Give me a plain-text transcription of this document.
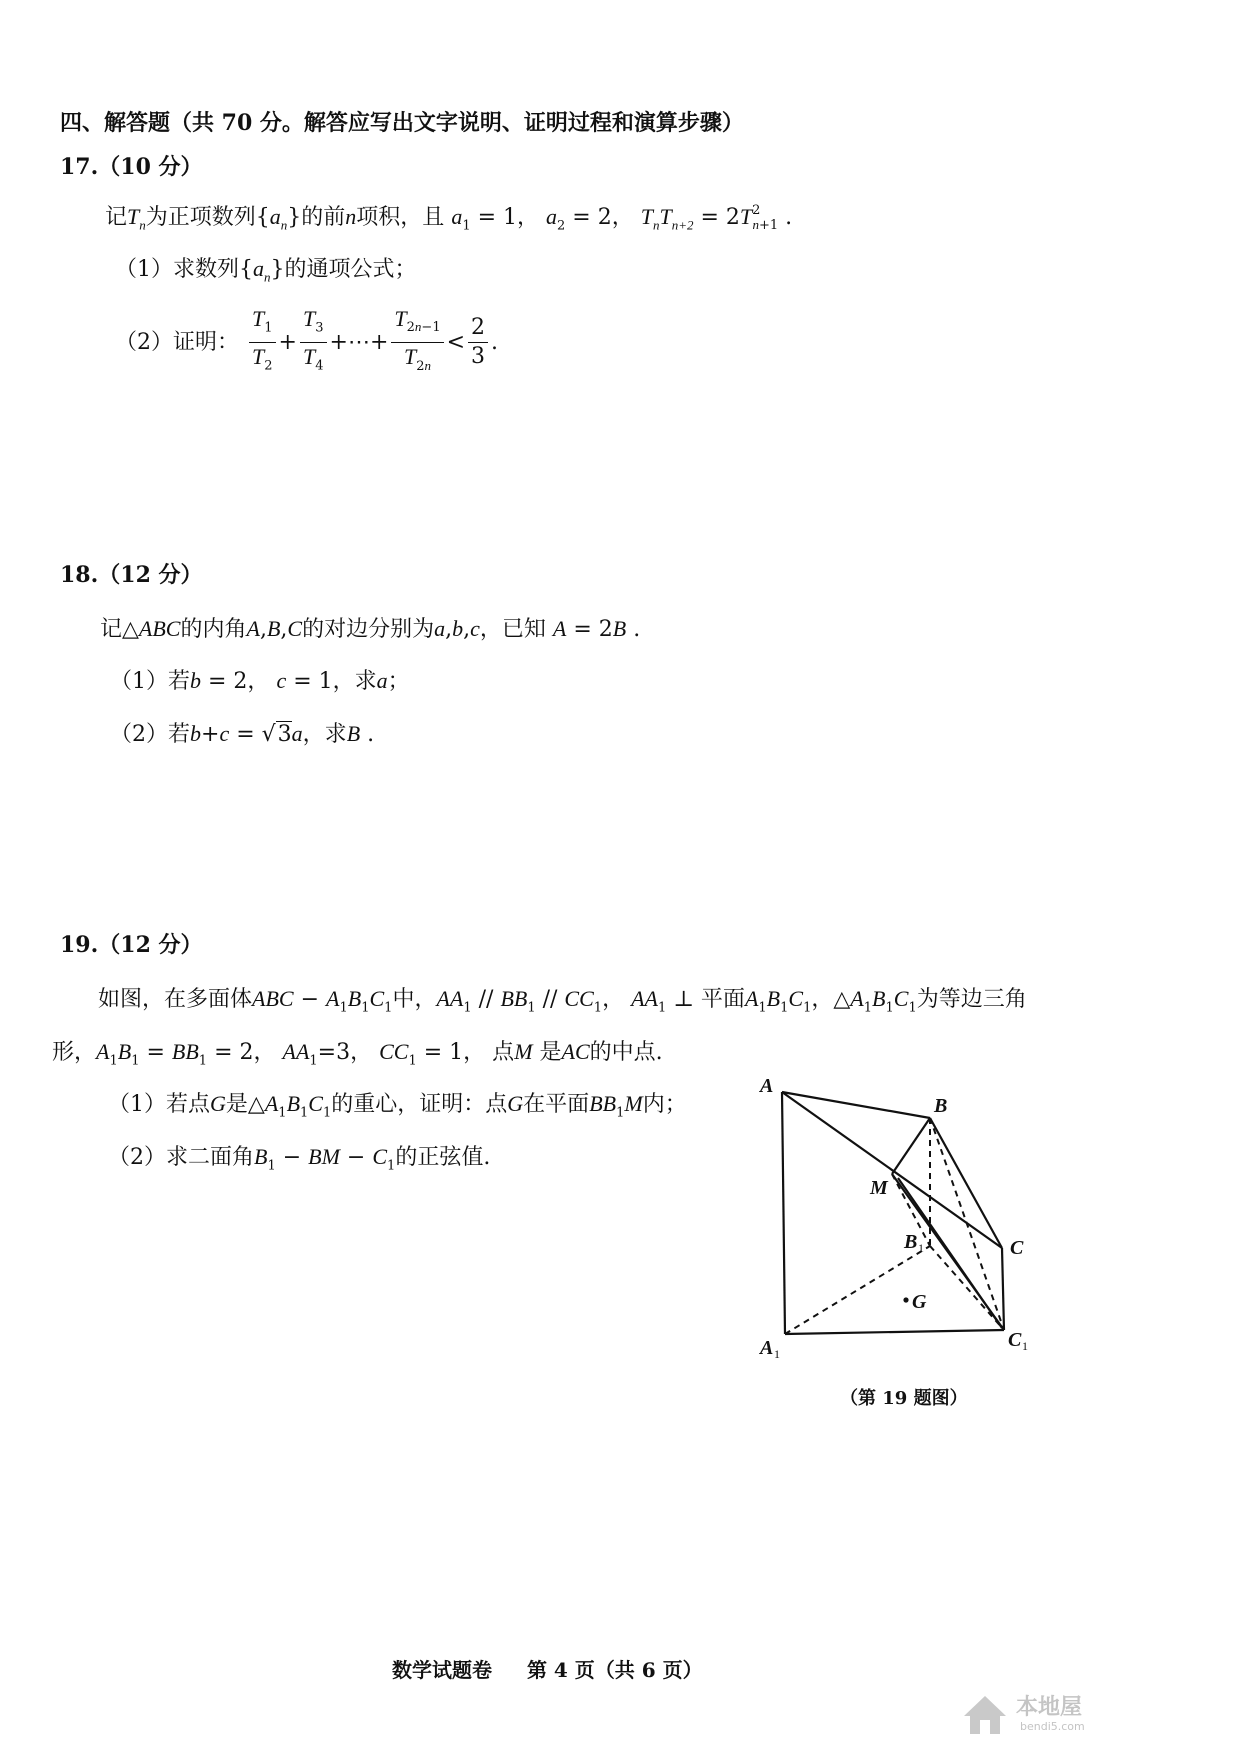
四、解答题（共 70 分。解答应写出文字说明、证明过程和演算步骤）
17.（10 分）
记$T_n$为正项数列$\{a_n\}$的前n项积，且 $a_1 = 1$， $a_2 = 2$， $T_nT_{n+2} = 2T^2_{n+1}$ .
（1）求数列$\{a_n\}$的通项公式；
（2）证明： $\frac{T_1}{T_2} + \frac{T_3}{T_4}$ +⋯+ $\frac{T_{2n-1}}{T_{2n}} < \frac{2}{3}$ .
18.（12 分）
记△ABC的内角A,B,C的对边分别为a,b,c，已知 A = 2B .
（1）若b = 2， c = 1，求a；
（2）若b+c = √3a，求B .
19.（12 分）
如图，在多面体ABC − $A_1B_1C_1$中，$AA_1 // BB_1 // CC_1$， $AA_1$ ⊥ 平面$A_1B_1C_1$，$\triangle A_1B_1C_1$为等边三角
形，$A_1B_1 = BB_1 = 2$， $AA_1=3$， $CC_1 = 1$， 点M 是AC的中点.
（1）若点G是$\triangle A_1B_1C_1$的重心，证明：点G在平面$BB_1M$内；
（2）求二面角$B_1$ − BM − $C_1$的正弦值.
A
B
C
M
B
G
A	C
1
1
1
（第 19 题图）
数学试题卷 第 4 页（共 6 页）
本地屋
bendi5.com
